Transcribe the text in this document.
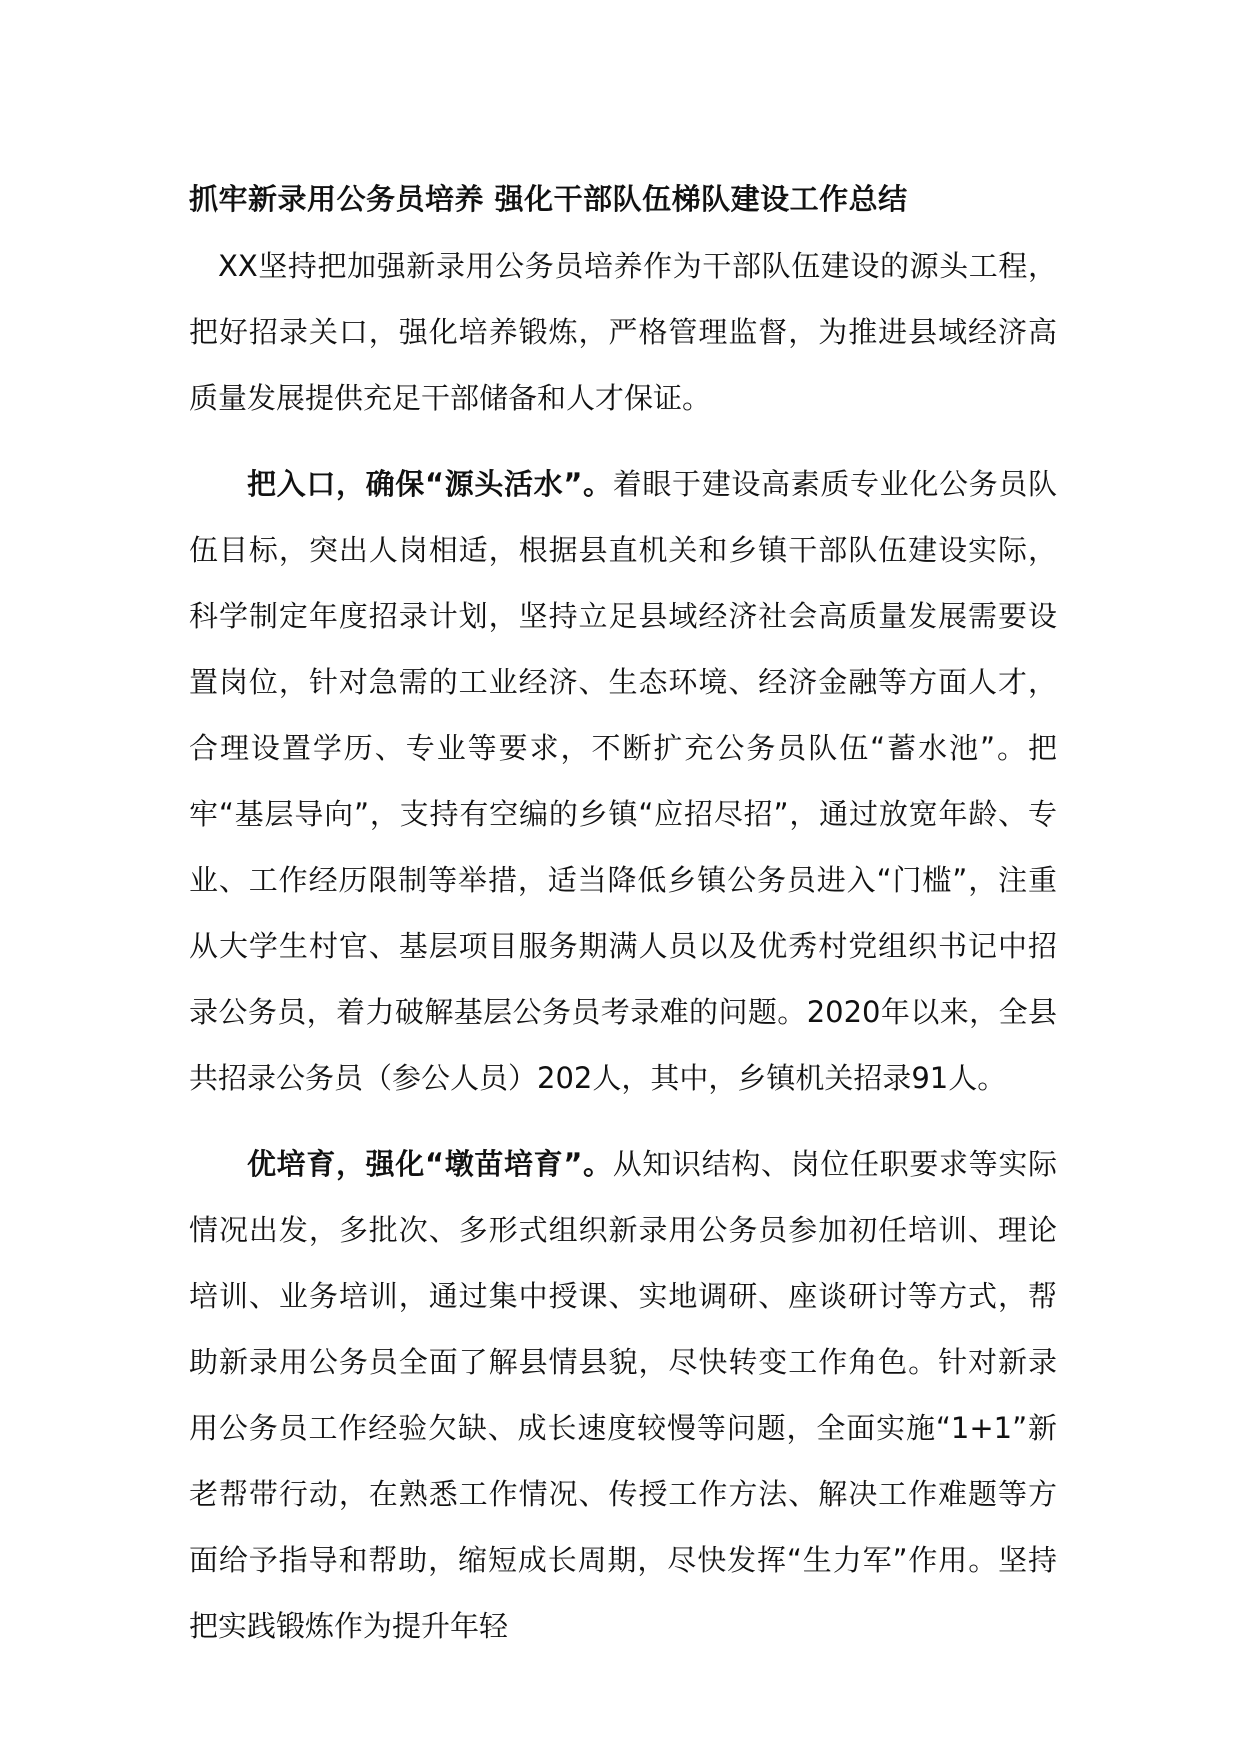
抓牢新录用公务员培养 强化干部队伍梯队建设工作总结

XX坚持把加强新录用公务员培养作为干部队伍建设的源头工程，把好招录关口，强化培养锻炼，严格管理监督，为推进县域经济高质量发展提供充足干部储备和人才保证。

把入口，确保“源头活水”。着眼于建设高素质专业化公务员队伍目标，突出人岗相适，根据县直机关和乡镇干部队伍建设实际，科学制定年度招录计划，坚持立足县域经济社会高质量发展需要设置岗位，针对急需的工业经济、生态环境、经济金融等方面人才，合理设置学历、专业等要求，不断扩充公务员队伍“蓄水池”。把牢“基层导向”，支持有空编的乡镇“应招尽招”，通过放宽年龄、专业、工作经历限制等举措，适当降低乡镇公务员进入“门槛”，注重从大学生村官、基层项目服务期满人员以及优秀村党组织书记中招录公务员，着力破解基层公务员考录难的问题。2020年以来，全县共招录公务员（参公人员）202人，其中，乡镇机关招录91人。

优培育，强化“墩苗培育”。从知识结构、岗位任职要求等实际情况出发，多批次、多形式组织新录用公务员参加初任培训、理论培训、业务培训，通过集中授课、实地调研、座谈研讨等方式，帮助新录用公务员全面了解县情县貌，尽快转变工作角色。针对新录用公务员工作经验欠缺、成长速度较慢等问题，全面实施“1+1”新老帮带行动，在熟悉工作情况、传授工作方法、解决工作难题等方面给予指导和帮助，缩短成长周期，尽快发挥“生力军”作用。坚持把实践锻炼作为提升年轻
